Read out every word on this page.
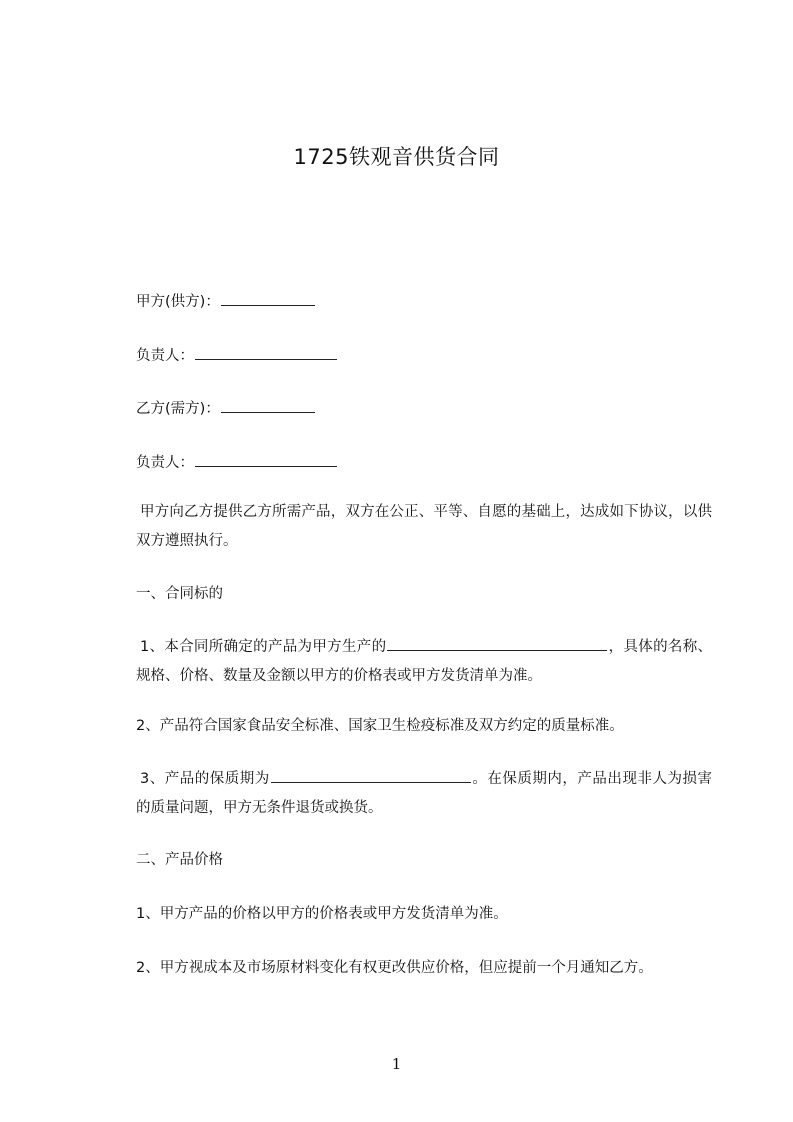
1725铁观音供货合同
甲方(供方)：
负责人：
乙方(需方)：
负责人：
甲方向乙方提供乙方所需产品，双方在公正、平等、自愿的基础上，达成如下协议，以供双方遵照执行。
一、合同标的
1、本合同所确定的产品为甲方生产的	，具体的名称、规格、价格、数量及金额以甲方的价格表或甲方发货清单为准。
2、产品符合国家食品安全标准、国家卫生检疫标准及双方约定的质量标准。
3、产品的保质期为	。在保质期内，产品出现非人为损害的质量问题，甲方无条件退货或换货。
二、产品价格
1、甲方产品的价格以甲方的价格表或甲方发货清单为准。
2、甲方视成本及市场原材料变化有权更改供应价格，但应提前一个月通知乙方。
1
